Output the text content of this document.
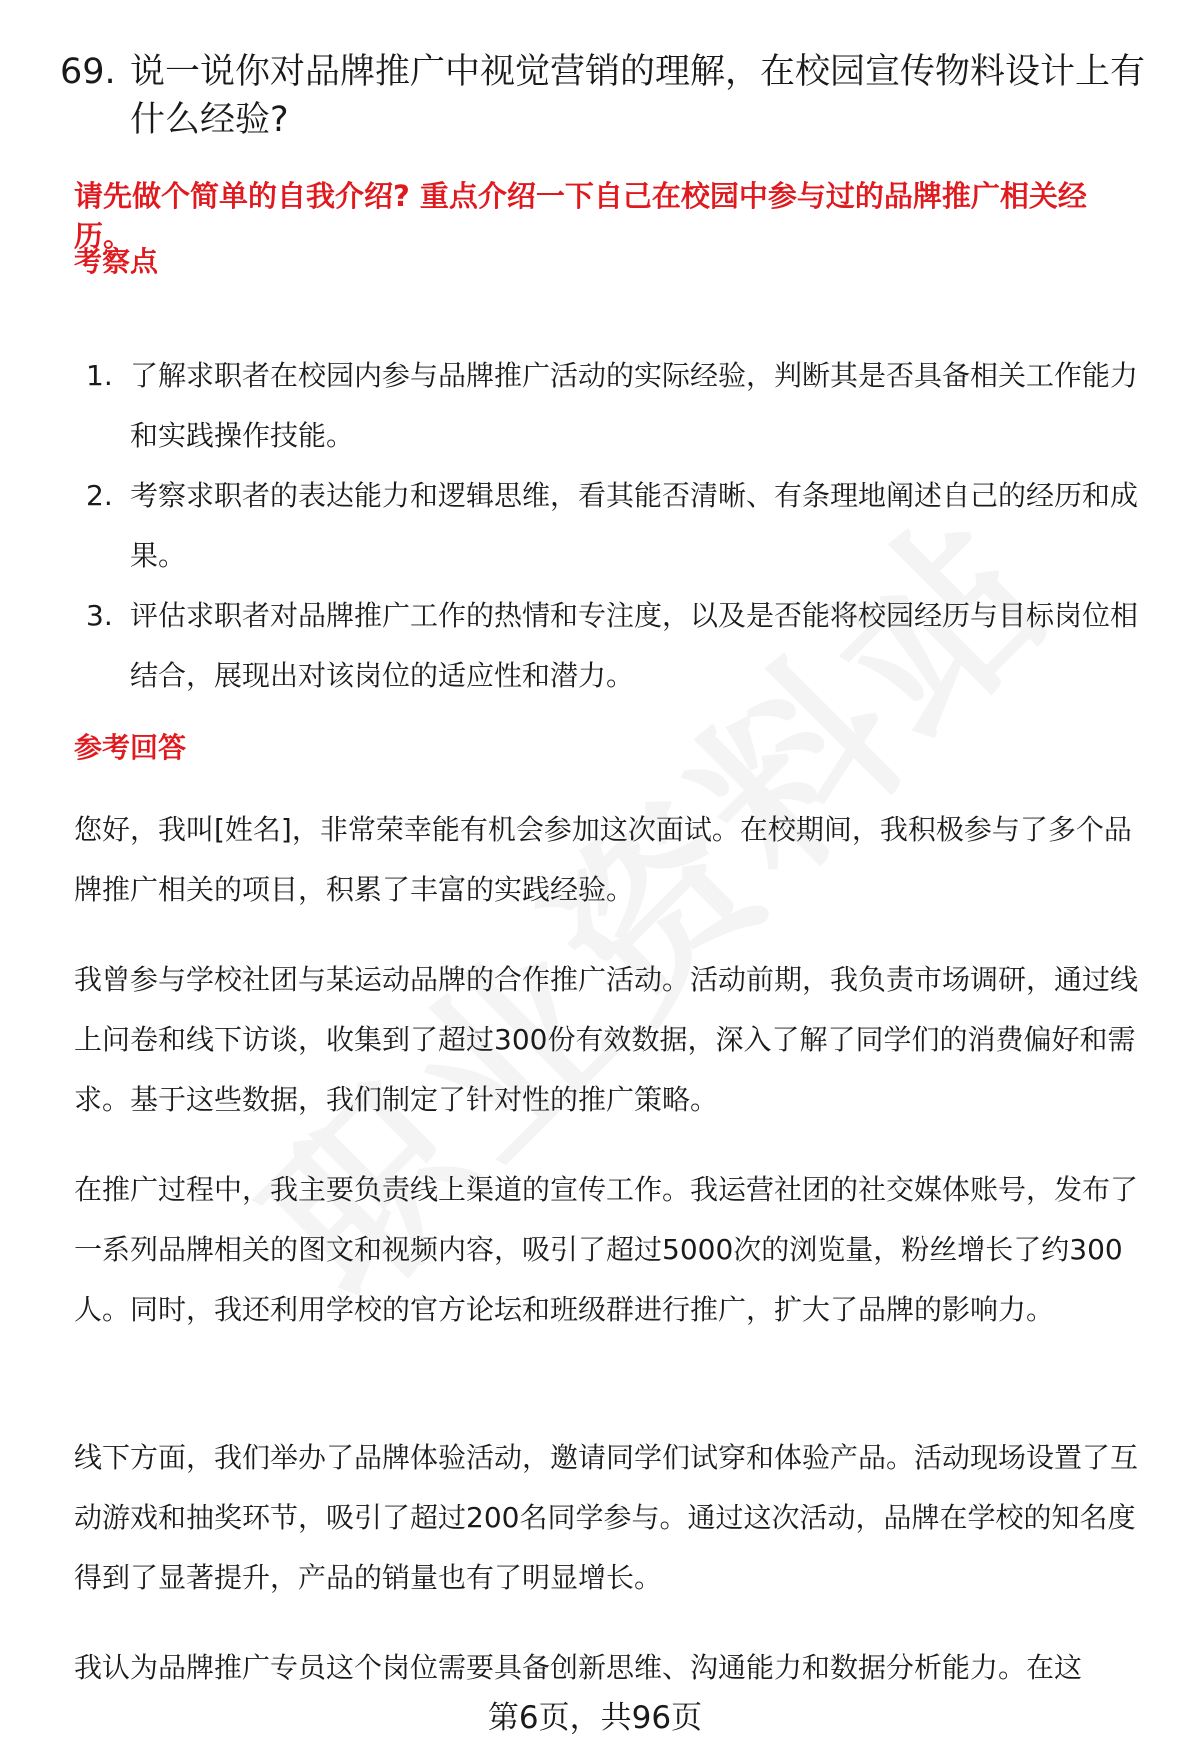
69. 说一说你对品牌推广中视觉营销的理解，在校园宣传物料设计上有什么经验?
请先做个简单的自我介绍? 重点介绍一下自己在校园中参与过的品牌推广相关经历。
考察点
1. 了解求职者在校园内参与品牌推广活动的实际经验，判断其是否具备相关工作能力和实践操作技能。
2. 考察求职者的表达能力和逻辑思维，看其能否清晰、有条理地阐述自己的经历和成果。
3. 评估求职者对品牌推广工作的热情和专注度，以及是否能将校园经历与目标岗位相结合，展现出对该岗位的适应性和潜力。
参考回答

您好，我叫[姓名]，非常荣幸能有机会参加这次面试。在校期间，我积极参与了多个品牌推广相关的项目，积累了丰富的实践经验。

我曾参与学校社团与某运动品牌的合作推广活动。活动前期，我负责市场调研，通过线上问卷和线下访谈，收集到了超过300份有效数据，深入了解了同学们的消费偏好和需求。基于这些数据，我们制定了针对性的推广策略。

在推广过程中，我主要负责线上渠道的宣传工作。我运营社团的社交媒体账号，发布了一系列品牌相关的图文和视频内容，吸引了超过5000次的浏览量，粉丝增长了约300人。同时，我还利用学校的官方论坛和班级群进行推广，扩大了品牌的影响力。

线下方面，我们举办了品牌体验活动，邀请同学们试穿和体验产品。活动现场设置了互动游戏和抽奖环节，吸引了超过200名同学参与。通过这次活动，品牌在学校的知名度得到了显著提升，产品的销量也有了明显增长。

我认为品牌推广专员这个岗位需要具备创新思维、沟通能力和数据分析能力。在这

第6页，共96页
